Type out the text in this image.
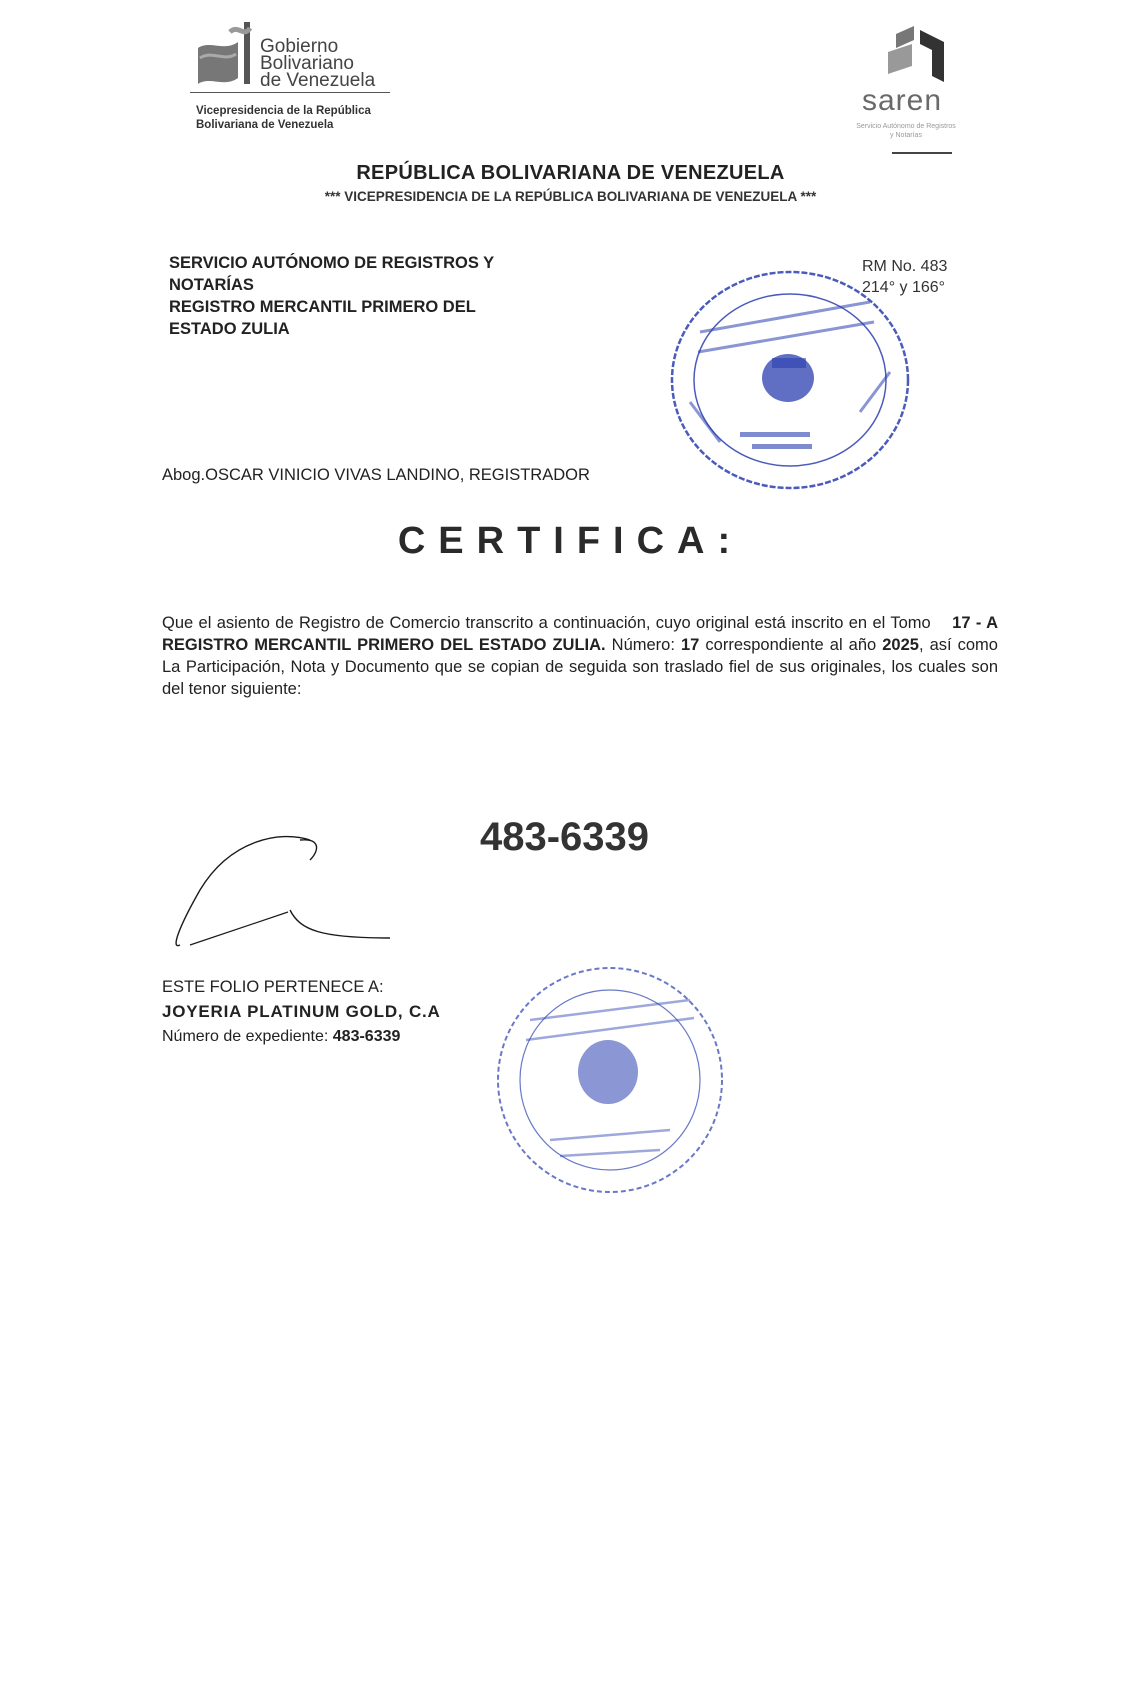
Gobierno
Bolivariano
de Venezuela
Vicepresidencia de la República
Bolivariana de Venezuela
saren
Servicio Autónomo de Registros y Notarías
REPÚBLICA BOLIVARIANA DE VENEZUELA
*** VICEPRESIDENCIA DE LA REPÚBLICA BOLIVARIANA DE VENEZUELA ***
SERVICIO AUTÓNOMO DE REGISTROS Y
NOTARÍAS
REGISTRO MERCANTIL PRIMERO DEL
ESTADO ZULIA
RM No. 483
214° y 166°
Abog.OSCAR VINICIO VIVAS LANDINO, REGISTRADOR
CERTIFICA:
Que el asiento de Registro de Comercio transcrito a continuación, cuyo original está inscrito en el Tomo 17 - A REGISTRO MERCANTIL PRIMERO DEL ESTADO ZULIA. Número: 17 correspondiente al año 2025, así como La Participación, Nota y Documento que se copian de seguida son traslado fiel de sus originales, los cuales son del tenor siguiente:
483-6339
ESTE FOLIO PERTENECE A:
JOYERIA PLATINUM GOLD, C.A
Número de expediente: 483-6339
